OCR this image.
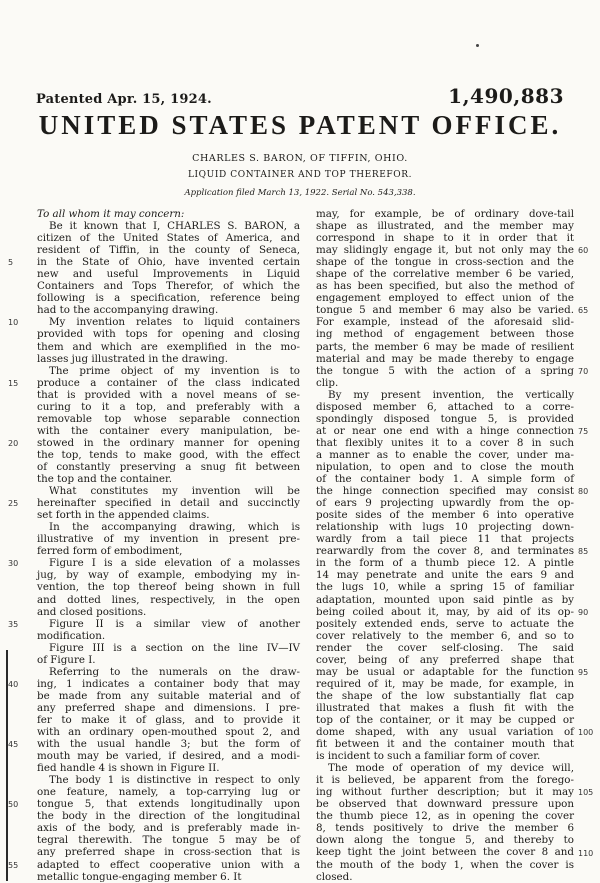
Patented Apr. 15, 1924.	1,490,883
UNITED STATES PATENT OFFICE.
CHARLES S. BARON, OF TIFFIN, OHIO.
LIQUID CONTAINER AND TOP THEREFOR.
Application filed March 13, 1922. Serial No. 543,338.
To all whom it may concern:
Be it known that I, CHARLES S. BARON, a
citizen of the United States of America, and
resident of Tiffin, in the county of Seneca,
in the State of Ohio, have invented certain
new and useful Improvements in Liquid
Containers and Tops Therefor, of which the
following is a specification, reference being
had to the accompanying drawing.
My invention relates to liquid containers
provided with tops for opening and closing
them and which are exemplified in the mo-
lasses jug illustrated in the drawing.
The prime object of my invention is to
produce a container of the class indicated
that is provided with a novel means of se-
curing to it a top, and preferably with a
removable top whose separable connection
with the container every manipulation, be-
stowed in the ordinary manner for opening
the top, tends to make good, with the effect
of constantly preserving a snug fit between
the top and the container.
What constitutes my invention will be
hereinafter specified in detail and succinctly
set forth in the appended claims.
In the accompanying drawing, which is
illustrative of my invention in present pre-
ferred form of embodiment,
Figure I is a side elevation of a molasses
jug, by way of example, embodying my in-
vention, the top thereof being shown in full
and dotted lines, respectively, in the open
and closed positions.
Figure II is a similar view of another
modification.
Figure III is a section on the line IV—IV
of Figure I.
Referring to the numerals on the draw-
ing, 1 indicates a container body that may
be made from any suitable material and of
any preferred shape and dimensions. I pre-
fer to make it of glass, and to provide it
with an ordinary open-mouthed spout 2, and
with the usual handle 3; but the form of
mouth may be varied, if desired, and a modi-
fied handle 4 is shown in Figure II.
The body 1 is distinctive in respect to only
one feature, namely, a top-carrying lug or
tongue 5, that extends longitudinally upon
the body in the direction of the longitudinal
axis of the body, and is preferably made in-
tegral therewith. The tongue 5 may be of
any preferred shape in cross-section that is
adapted to effect cooperative union with a
metallic tongue-engaging member 6. It
may, for example, be of ordinary dove-tail
shape as illustrated, and the member may
correspond in shape to it in order that it
may slidingly engage it, but not only may the
shape of the tongue in cross-section and the
shape of the correlative member 6 be varied,
as has been specified, but also the method of
engagement employed to effect union of the
tongue 5 and member 6 may also be varied.
For example, instead of the aforesaid slid-
ing method of engagement between those
parts, the member 6 may be made of resilient
material and may be made thereby to engage
the tongue 5 with the action of a spring
clip.
By my present invention, the vertically
disposed member 6, attached to a corre-
spondingly disposed tongue 5, is provided
at or near one end with a hinge connection
that flexibly unites it to a cover 8 in such
a manner as to enable the cover, under ma-
nipulation, to open and to close the mouth
of the container body 1. A simple form of
the hinge connection specified may consist
of ears 9 projecting upwardly from the op-
posite sides of the member 6 into operative
relationship with lugs 10 projecting down-
wardly from a tail piece 11 that projects
rearwardly from the cover 8, and terminates
in the form of a thumb piece 12. A pintle
14 may penetrate and unite the ears 9 and
the lugs 10, while a spring 15 of familiar
adaptation, mounted upon said pintle as by
being coiled about it, may, by aid of its op-
positely extended ends, serve to actuate the
cover relatively to the member 6, and so to
render the cover self-closing. The said
cover, being of any preferred shape that
may be usual or adaptable for the function
required of it, may be made, for example, in
the shape of the low substantially flat cap
illustrated that makes a flush fit with the
top of the container, or it may be cupped or
dome shaped, with any usual variation of
fit between it and the container mouth that
is incident to such a familiar form of cover.
The mode of operation of my device will,
it is believed, be apparent from the forego-
ing without further description; but it may
be observed that downward pressure upon
the thumb piece 12, as in opening the cover
8, tends positively to drive the member 6
down along the tongue 5, and thereby to
keep tight the joint between the cover 8 and
the mouth of the body 1, when the cover is
closed.
5
10
15
20
25
30
35
40
45
50
55
60
65
70
75
80
85
90
95
100
105
110
